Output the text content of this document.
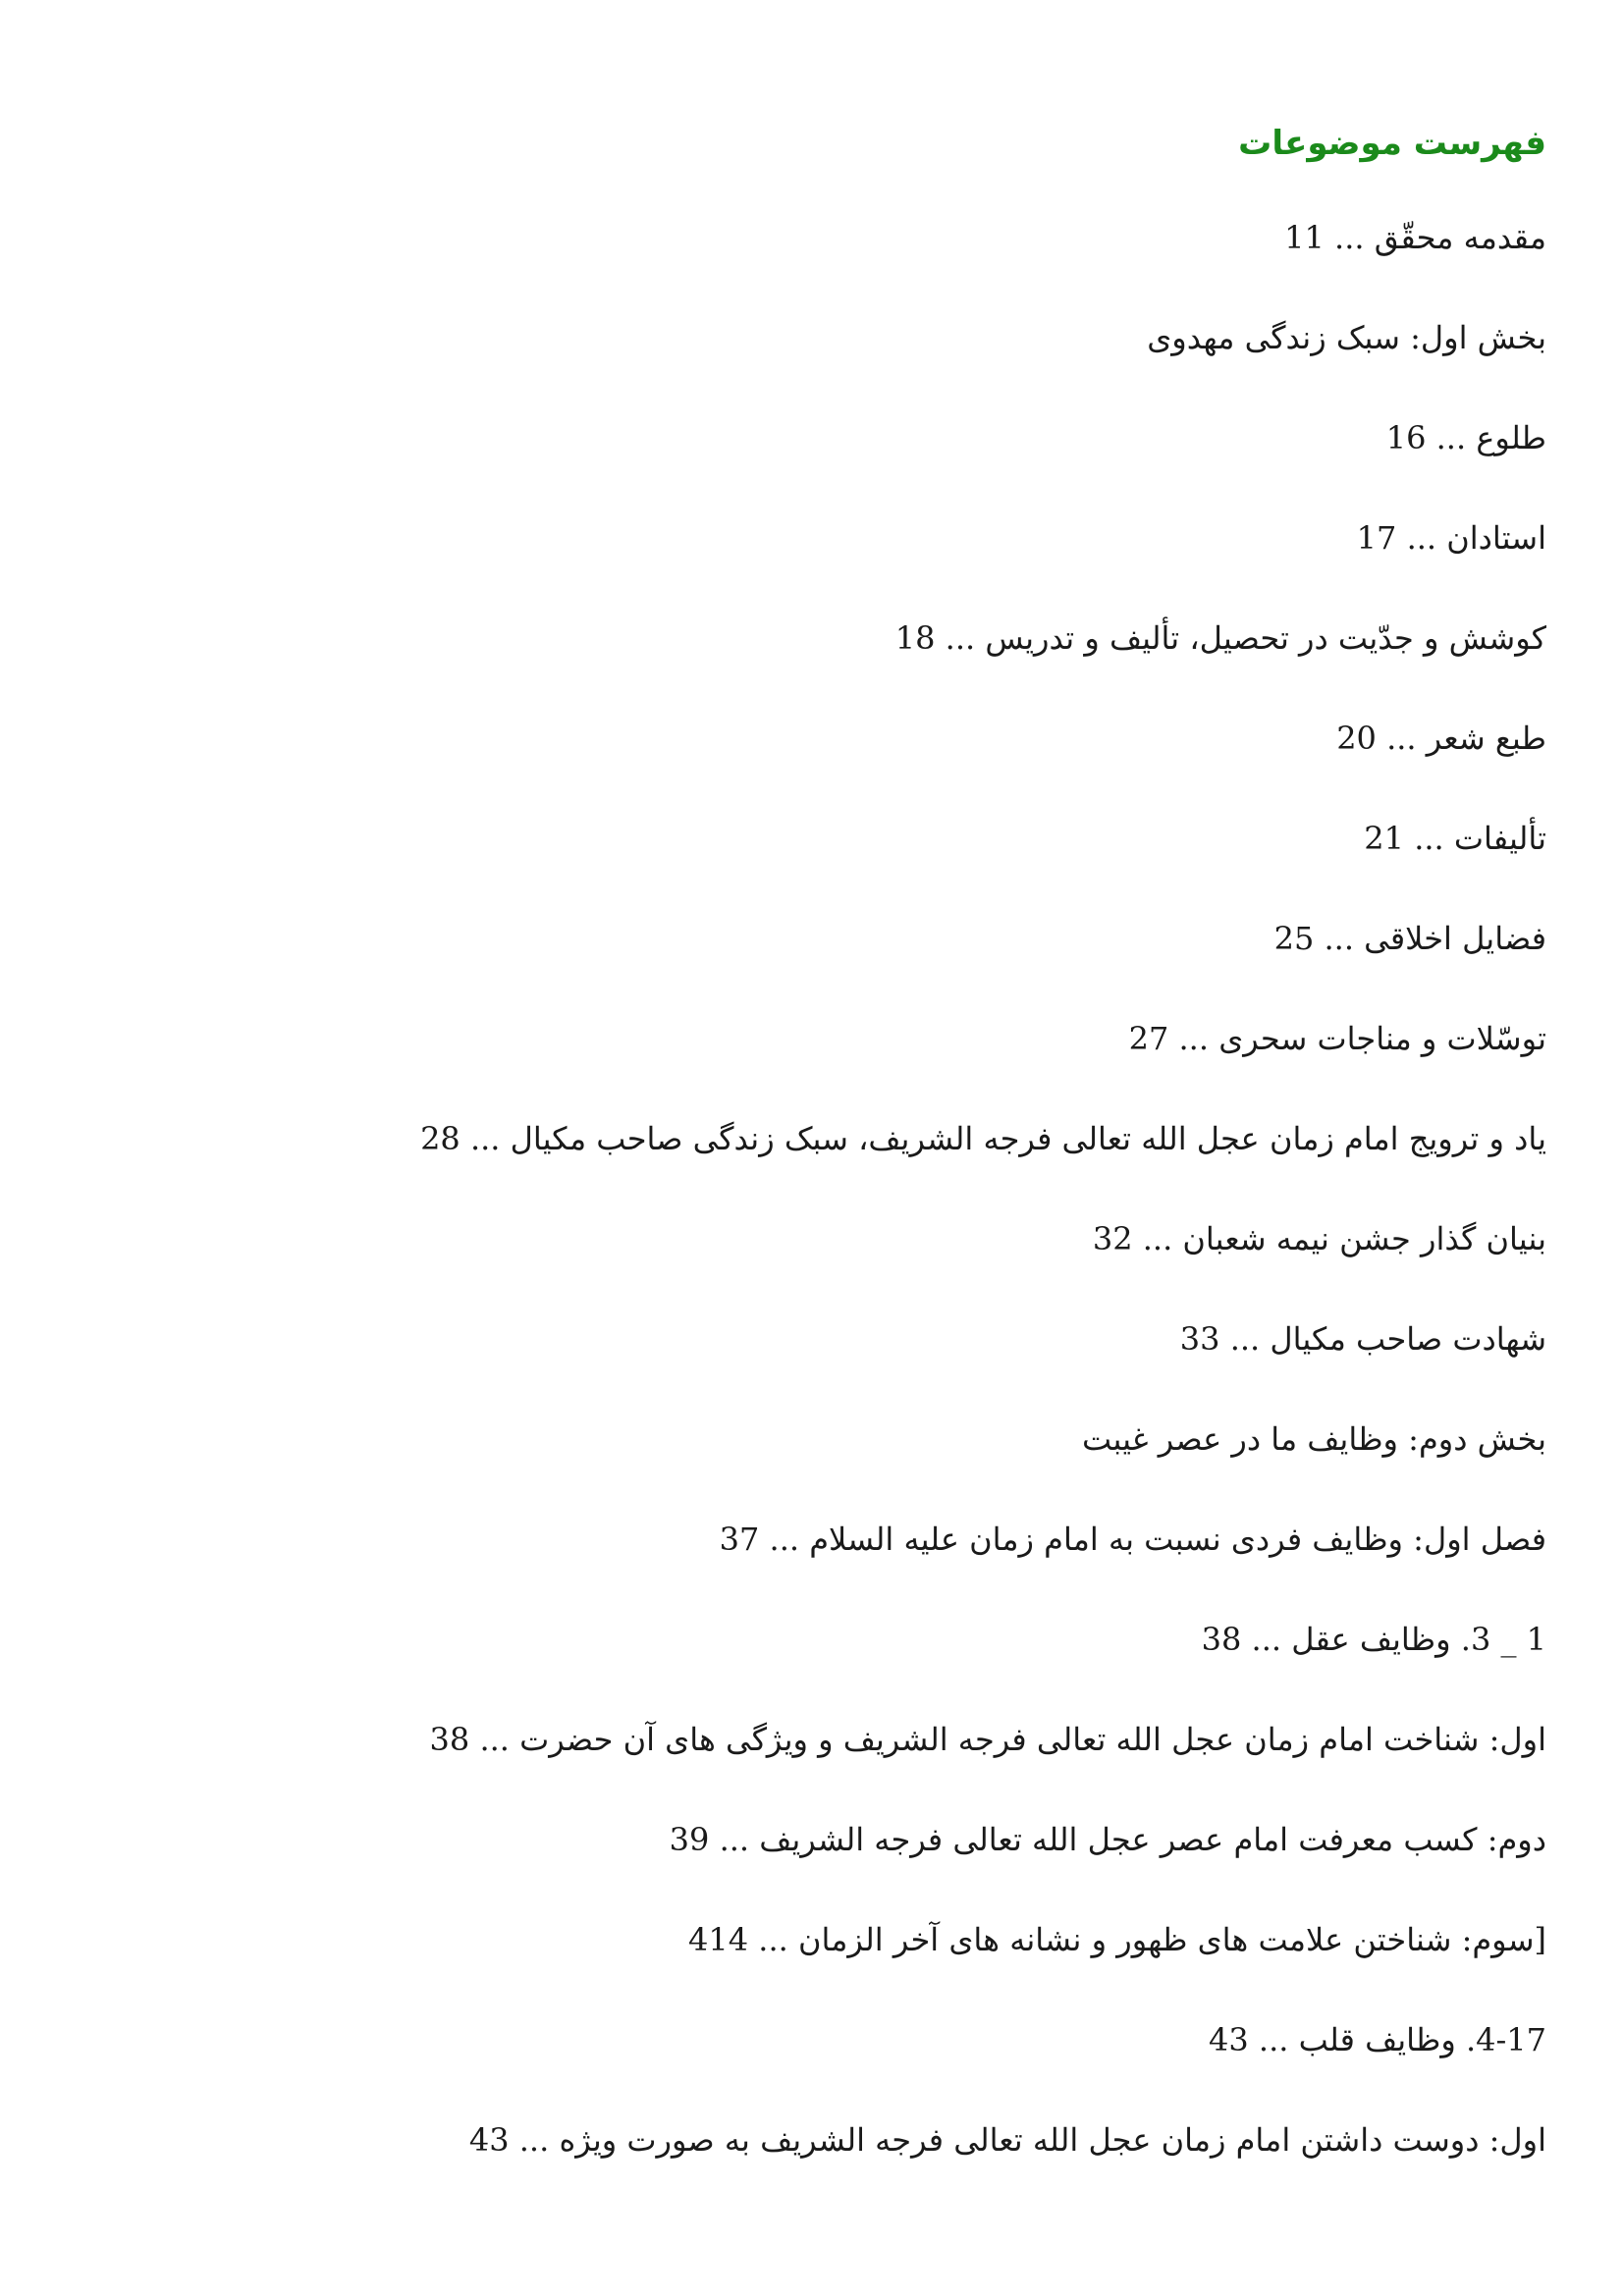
فهرست موضوعات
مقدمه محقّق ... 11
بخش اول: سبک زندگی مهدوی
طلوع ... 16
استادان ... 17
کوشش و جدّیت در تحصیل، تألیف و تدریس ... 18
طبع شعر ... 20
تألیفات ... 21
فضایل اخلاقی ... 25
توسّلات و مناجات سحری ... 27
یاد و ترویج امام زمان عجل الله تعالی فرجه الشریف، سبک زندگی صاحب مکیال ... 28
بنیان گذار جشن نیمه شعبان ... 32
شهادت صاحب مکیال ... 33
بخش دوم: وظایف ما در عصر غیبت
فصل اول: وظایف فردی نسبت به امام زمان علیه السلام ... 37
1 _ 3. وظایف عقل ... 38
اول: شناخت امام زمان عجل الله تعالی فرجه الشریف و ویژگی های آن حضرت ... 38
دوم: کسب معرفت امام عصر عجل الله تعالی فرجه الشریف ... 39
[سوم: شناختن علامت های ظهور و نشانه های آخر الزمان ... 414
4-17. وظایف قلب ... 43
اول: دوست داشتن امام زمان عجل الله تعالی فرجه الشریف به صورت ویژه ... 43
